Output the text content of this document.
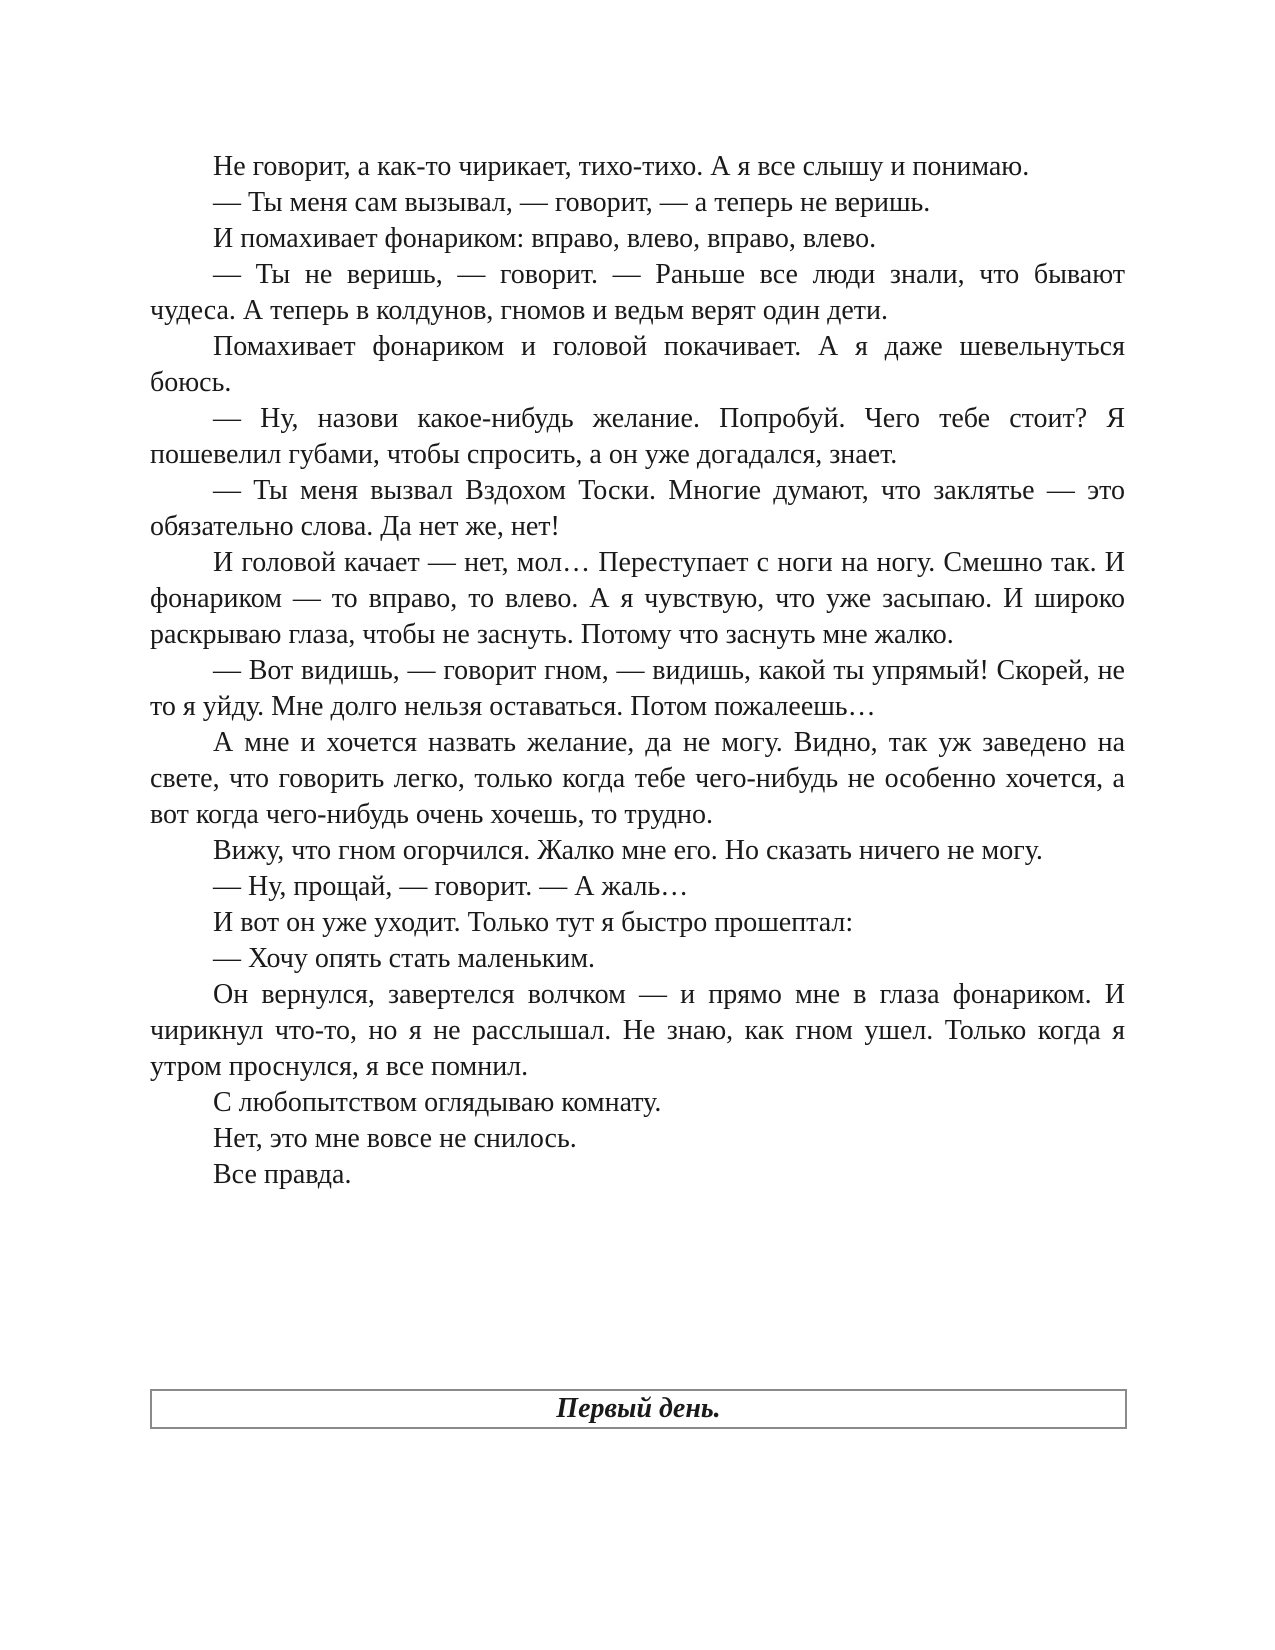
Не говорит, а как-то чирикает, тихо-тихо. А я все слышу и понимаю.

— Ты меня сам вызывал, — говорит, — а теперь не веришь.

И помахивает фонариком: вправо, влево, вправо, влево.

— Ты не веришь, — говорит. — Раньше все люди знали, что бывают чудеса. А теперь в колдунов, гномов и ведьм верят один дети.

Помахивает фонариком и головой покачивает. А я даже шевельнуться боюсь.

— Ну, назови какое-нибудь желание. Попробуй. Чего тебе стоит? Я пошевелил губами, чтобы спросить, а он уже догадался, знает.

— Ты меня вызвал Вздохом Тоски. Многие думают, что заклятье — это обязательно слова. Да нет же, нет!

И головой качает — нет, мол… Переступает с ноги на ногу. Смешно так. И фонариком — то вправо, то влево. А я чувствую, что уже засыпаю. И широко раскрываю глаза, чтобы не заснуть. Потому что заснуть мне жалко.

— Вот видишь, — говорит гном, — видишь, какой ты упрямый! Скорей, не то я уйду. Мне долго нельзя оставаться. Потом пожалеешь…

А мне и хочется назвать желание, да не могу. Видно, так уж заведено на свете, что говорить легко, только когда тебе чего-нибудь не особенно хочется, а вот когда чего-нибудь очень хочешь, то трудно.

Вижу, что гном огорчился. Жалко мне его. Но сказать ничего не могу.

— Ну, прощай, — говорит. — А жаль…

И вот он уже уходит. Только тут я быстро прошептал:

— Хочу опять стать маленьким.

Он вернулся, завертелся волчком — и прямо мне в глаза фонариком. И чирикнул что-то, но я не расслышал. Не знаю, как гном ушел. Только когда я утром проснулся, я все помнил.

С любопытством оглядываю комнату.

Нет, это мне вовсе не снилось.

Все правда.

Первый день.
